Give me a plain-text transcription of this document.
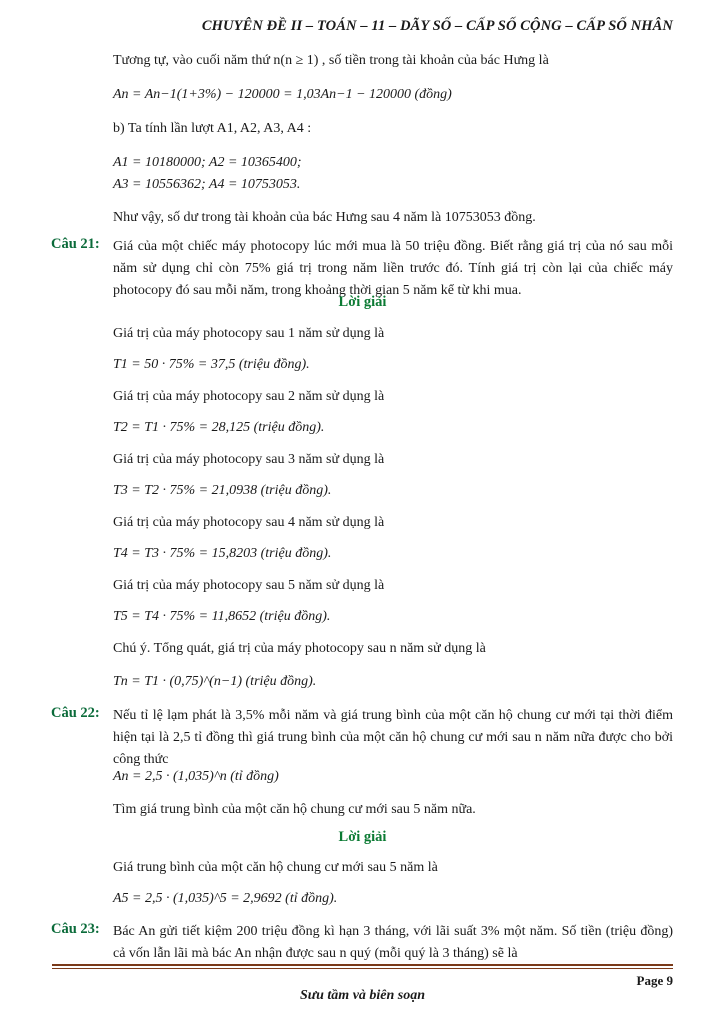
CHUYÊN ĐỀ II – TOÁN – 11 – DÃY SỐ – CẤP SỐ CỘNG – CẤP SỐ NHÂN
Tương tự, vào cuối năm thứ n(n ≥ 1) , số tiền trong tài khoản của bác Hưng là
An = An−1(1+3%) − 120000 = 1,03An−1 − 120000 (đồng)
b) Ta tính lần lượt A1, A2, A3, A4 :
A1 = 10180000; A2 = 10365400;
A3 = 10556362; A4 = 10753053.
Như vậy, số dư trong tài khoản của bác Hưng sau 4 năm là 10753053 đồng.
Câu 21: Giá của một chiếc máy photocopy lúc mới mua là 50 triệu đồng. Biết rằng giá trị của nó sau mỗi năm sử dụng chỉ còn 75% giá trị trong năm liền trước đó. Tính giá trị còn lại của chiếc máy photocopy đó sau mỗi năm, trong khoảng thời gian 5 năm kể từ khi mua.
Lời giải
Giá trị của máy photocopy sau 1 năm sử dụng là
T1 = 50 · 75% = 37,5 (triệu đồng).
Giá trị của máy photocopy sau 2 năm sử dụng là
T2 = T1 · 75% = 28,125 (triệu đồng).
Giá trị của máy photocopy sau 3 năm sử dụng là
T3 = T2 · 75% = 21,0938 (triệu đồng).
Giá trị của máy photocopy sau 4 năm sử dụng là
T4 = T3 · 75% = 15,8203 (triệu đồng).
Giá trị của máy photocopy sau 5 năm sử dụng là
T5 = T4 · 75% = 11,8652 (triệu đồng).
Chú ý. Tổng quát, giá trị của máy photocopy sau n năm sử dụng là
Tn = T1 · (0,75)^(n−1) (triệu đồng).
Câu 22: Nếu tỉ lệ lạm phát là 3,5% mỗi năm và giá trung bình của một căn hộ chung cư mới tại thời điểm hiện tại là 2,5 tỉ đồng thì giá trung bình của một căn hộ chung cư mới sau n năm nữa được cho bởi công thức
An = 2,5 · (1,035)^n (tỉ đồng)
Tìm giá trung bình của một căn hộ chung cư mới sau 5 năm nữa.
Lời giải
Giá trung bình của một căn hộ chung cư mới sau 5 năm là
A5 = 2,5 · (1,035)^5 = 2,9692 (tỉ đồng).
Câu 23: Bác An gửi tiết kiệm 200 triệu đồng kì hạn 3 tháng, với lãi suất 3% một năm. Số tiền (triệu đồng) cả vốn lẫn lãi mà bác An nhận được sau n quý (mỗi quý là 3 tháng) sẽ là
Page 9
Sưu tầm và biên soạn
